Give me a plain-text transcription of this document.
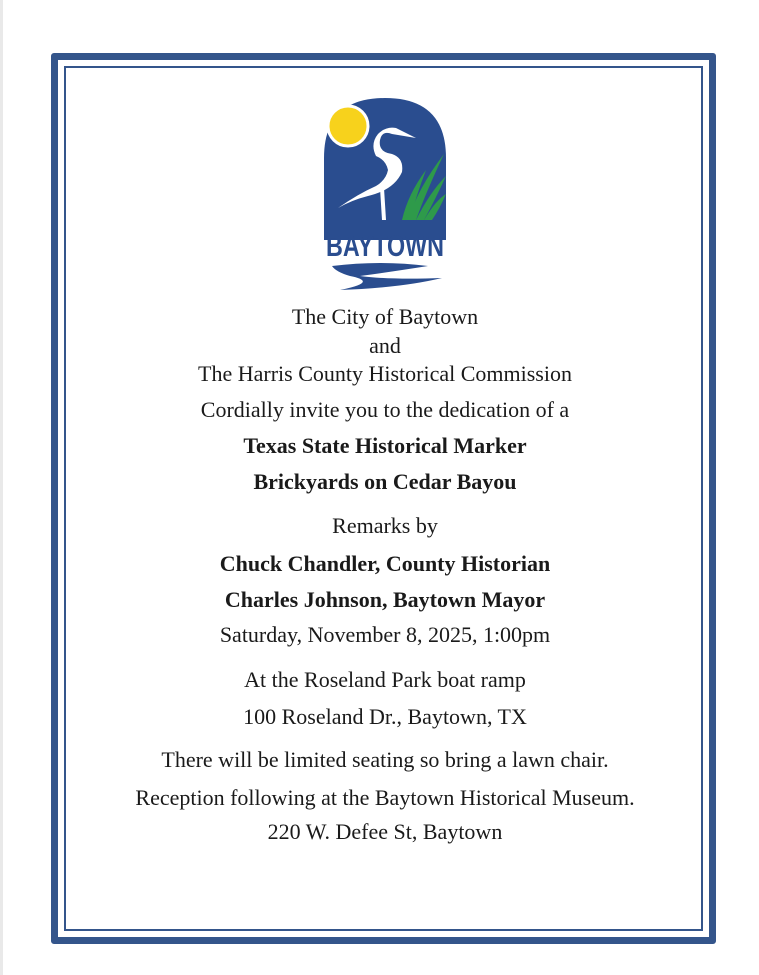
BAYTOWN
The City of Baytown
and
The Harris County Historical Commission
Cordially invite you to the dedication of a
Texas State Historical Marker
Brickyards on Cedar Bayou
Remarks by
Chuck Chandler, County Historian
Charles Johnson, Baytown Mayor
Saturday, November 8, 2025, 1:00pm
At the Roseland Park boat ramp
100 Roseland Dr., Baytown, TX
There will be limited seating so bring a lawn chair.
Reception following at the Baytown Historical Museum.
220 W. Defee St, Baytown
